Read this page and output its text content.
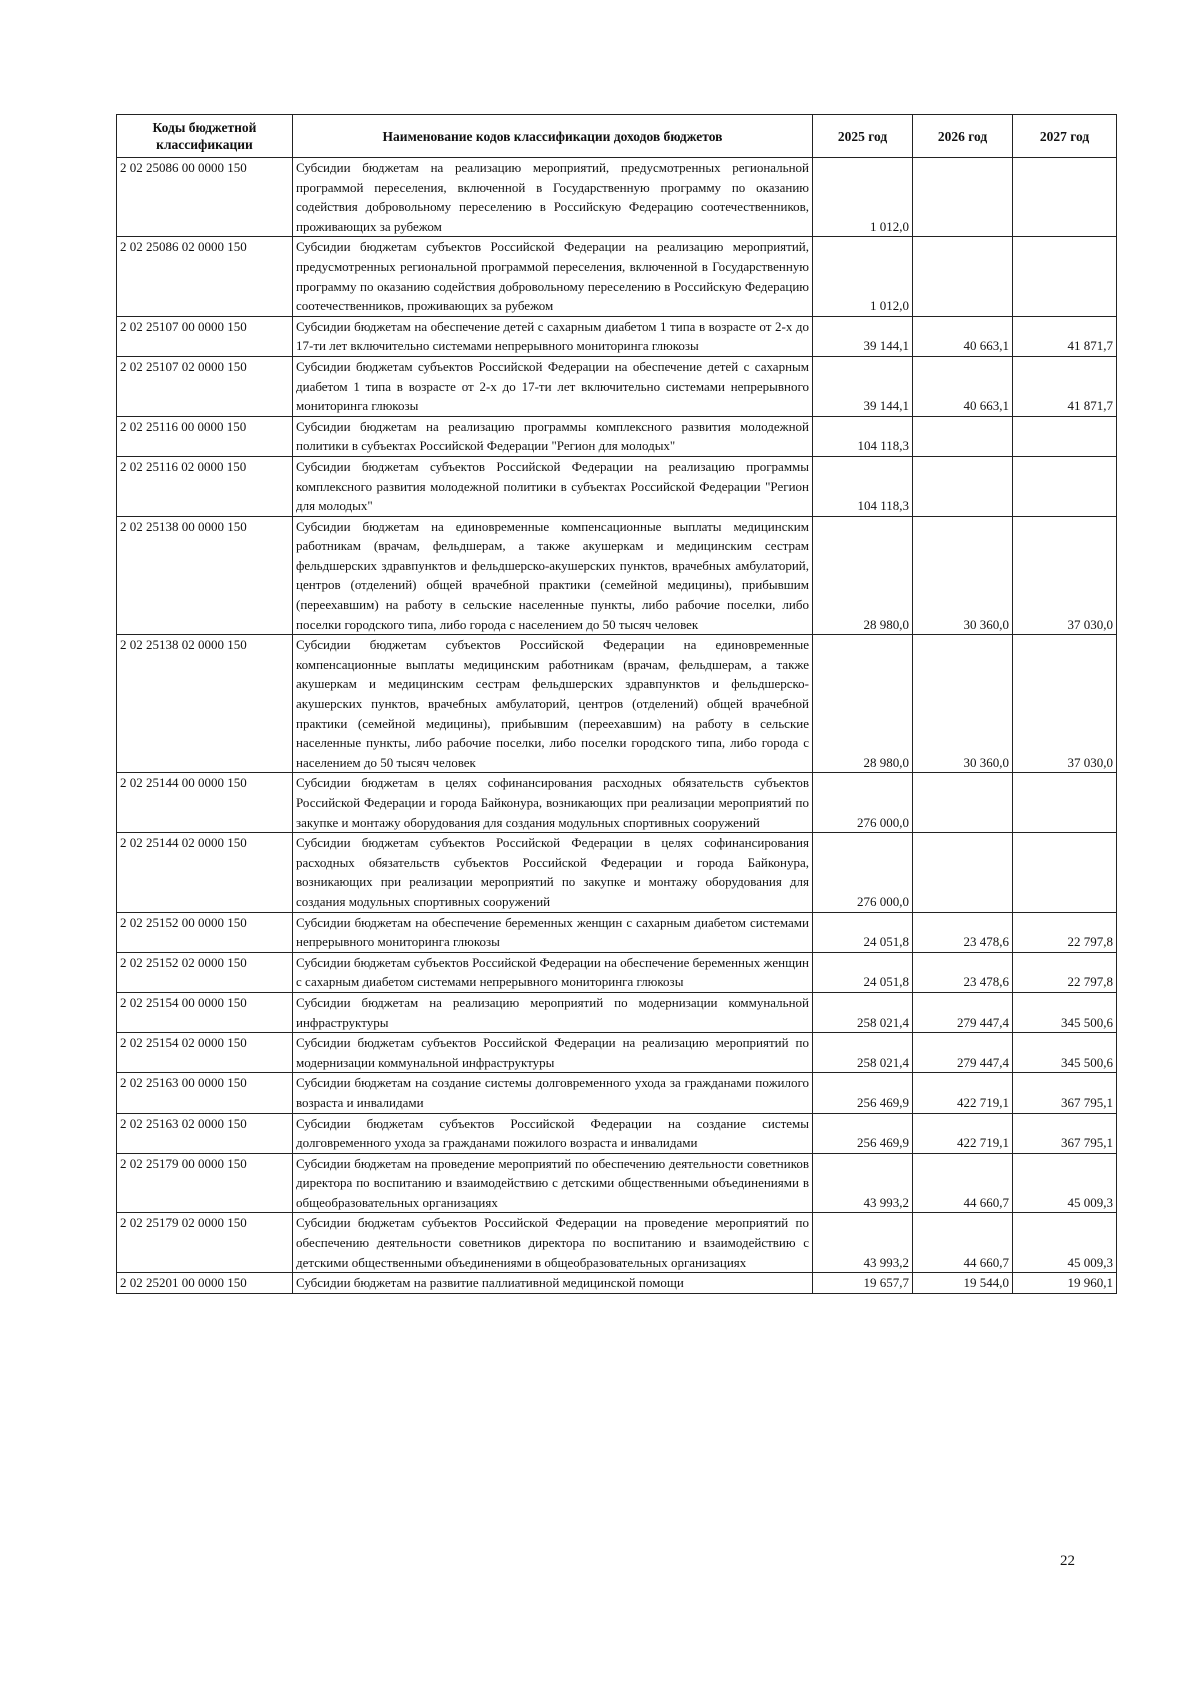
Коды бюджетной классификации	Наименование кодов классификации доходов бюджетов	2025 год	2026 год	2027 год
2 02 25086 00 0000 150	Субсидии бюджетам на реализацию мероприятий, предусмотренных региональной программой переселения, включенной в Государственную программу по оказанию содействия добровольному переселению в Российскую Федерацию соотечественников, проживающих за рубежом	1 012,0		
2 02 25086 02 0000 150	Субсидии бюджетам субъектов Российской Федерации на реализацию мероприятий, предусмотренных региональной программой переселения, включенной в Государственную программу по оказанию содействия добровольному переселению в Российскую Федерацию соотечественников, проживающих за рубежом	1 012,0		
2 02 25107 00 0000 150	Субсидии бюджетам на обеспечение детей с сахарным диабетом 1 типа в возрасте от 2-х до 17-ти лет включительно системами непрерывного мониторинга глюкозы	39 144,1	40 663,1	41 871,7
2 02 25107 02 0000 150	Субсидии бюджетам субъектов Российской Федерации на обеспечение детей с сахарным диабетом 1 типа в возрасте от 2-х до 17-ти лет включительно системами непрерывного мониторинга глюкозы	39 144,1	40 663,1	41 871,7
2 02 25116 00 0000 150	Субсидии бюджетам на реализацию программы комплексного развития молодежной политики в субъектах Российской Федерации "Регион для молодых"	104 118,3		
2 02 25116 02 0000 150	Субсидии бюджетам субъектов Российской Федерации на реализацию программы комплексного развития молодежной политики в субъектах Российской Федерации "Регион для молодых"	104 118,3		
2 02 25138 00 0000 150	Субсидии бюджетам на единовременные компенсационные выплаты медицинским работникам (врачам, фельдшерам, а также акушеркам и медицинским сестрам фельдшерских здравпунктов и фельдшерско-акушерских пунктов, врачебных амбулаторий, центров (отделений) общей врачебной практики (семейной медицины), прибывшим (переехавшим) на работу в сельские населенные пункты, либо рабочие поселки, либо поселки городского типа, либо города с населением до 50 тысяч человек	28 980,0	30 360,0	37 030,0
2 02 25138 02 0000 150	Субсидии бюджетам субъектов Российской Федерации на единовременные компенсационные выплаты медицинским работникам (врачам, фельдшерам, а также акушеркам и медицинским сестрам фельдшерских здравпунктов и фельдшерско-акушерских пунктов, врачебных амбулаторий, центров (отделений) общей врачебной практики (семейной медицины), прибывшим (переехавшим) на работу в сельские населенные пункты, либо рабочие поселки, либо поселки городского типа, либо города с населением до 50 тысяч человек	28 980,0	30 360,0	37 030,0
2 02 25144 00 0000 150	Субсидии бюджетам в целях софинансирования расходных обязательств субъектов Российской Федерации и города Байконура, возникающих при реализации мероприятий по закупке и монтажу оборудования для создания модульных спортивных сооружений	276 000,0		
2 02 25144 02 0000 150	Субсидии бюджетам субъектов Российской Федерации в целях софинансирования расходных обязательств субъектов Российской Федерации и города Байконура, возникающих при реализации мероприятий по закупке и монтажу оборудования для создания модульных спортивных сооружений	276 000,0		
2 02 25152 00 0000 150	Субсидии бюджетам на обеспечение беременных женщин с сахарным диабетом системами непрерывного мониторинга глюкозы	24 051,8	23 478,6	22 797,8
2 02 25152 02 0000 150	Субсидии бюджетам субъектов Российской Федерации на обеспечение беременных женщин с сахарным диабетом системами непрерывного мониторинга глюкозы	24 051,8	23 478,6	22 797,8
2 02 25154 00 0000 150	Субсидии бюджетам на реализацию мероприятий по модернизации коммунальной инфраструктуры	258 021,4	279 447,4	345 500,6
2 02 25154 02 0000 150	Субсидии бюджетам субъектов Российской Федерации на реализацию мероприятий по модернизации коммунальной инфраструктуры	258 021,4	279 447,4	345 500,6
2 02 25163 00 0000 150	Субсидии бюджетам на создание системы долговременного ухода за гражданами пожилого возраста и инвалидами	256 469,9	422 719,1	367 795,1
2 02 25163 02 0000 150	Субсидии бюджетам субъектов Российской Федерации на создание системы долговременного ухода за гражданами пожилого возраста и инвалидами	256 469,9	422 719,1	367 795,1
2 02 25179 00 0000 150	Субсидии бюджетам на проведение мероприятий по обеспечению деятельности советников директора по воспитанию и взаимодействию с детскими общественными объединениями в общеобразовательных организациях	43 993,2	44 660,7	45 009,3
2 02 25179 02 0000 150	Субсидии бюджетам субъектов Российской Федерации на проведение мероприятий по обеспечению деятельности советников директора по воспитанию и взаимодействию с детскими общественными объединениями в общеобразовательных организациях	43 993,2	44 660,7	45 009,3
2 02 25201 00 0000 150	Субсидии бюджетам на развитие паллиативной медицинской помощи	19 657,7	19 544,0	19 960,1
22
